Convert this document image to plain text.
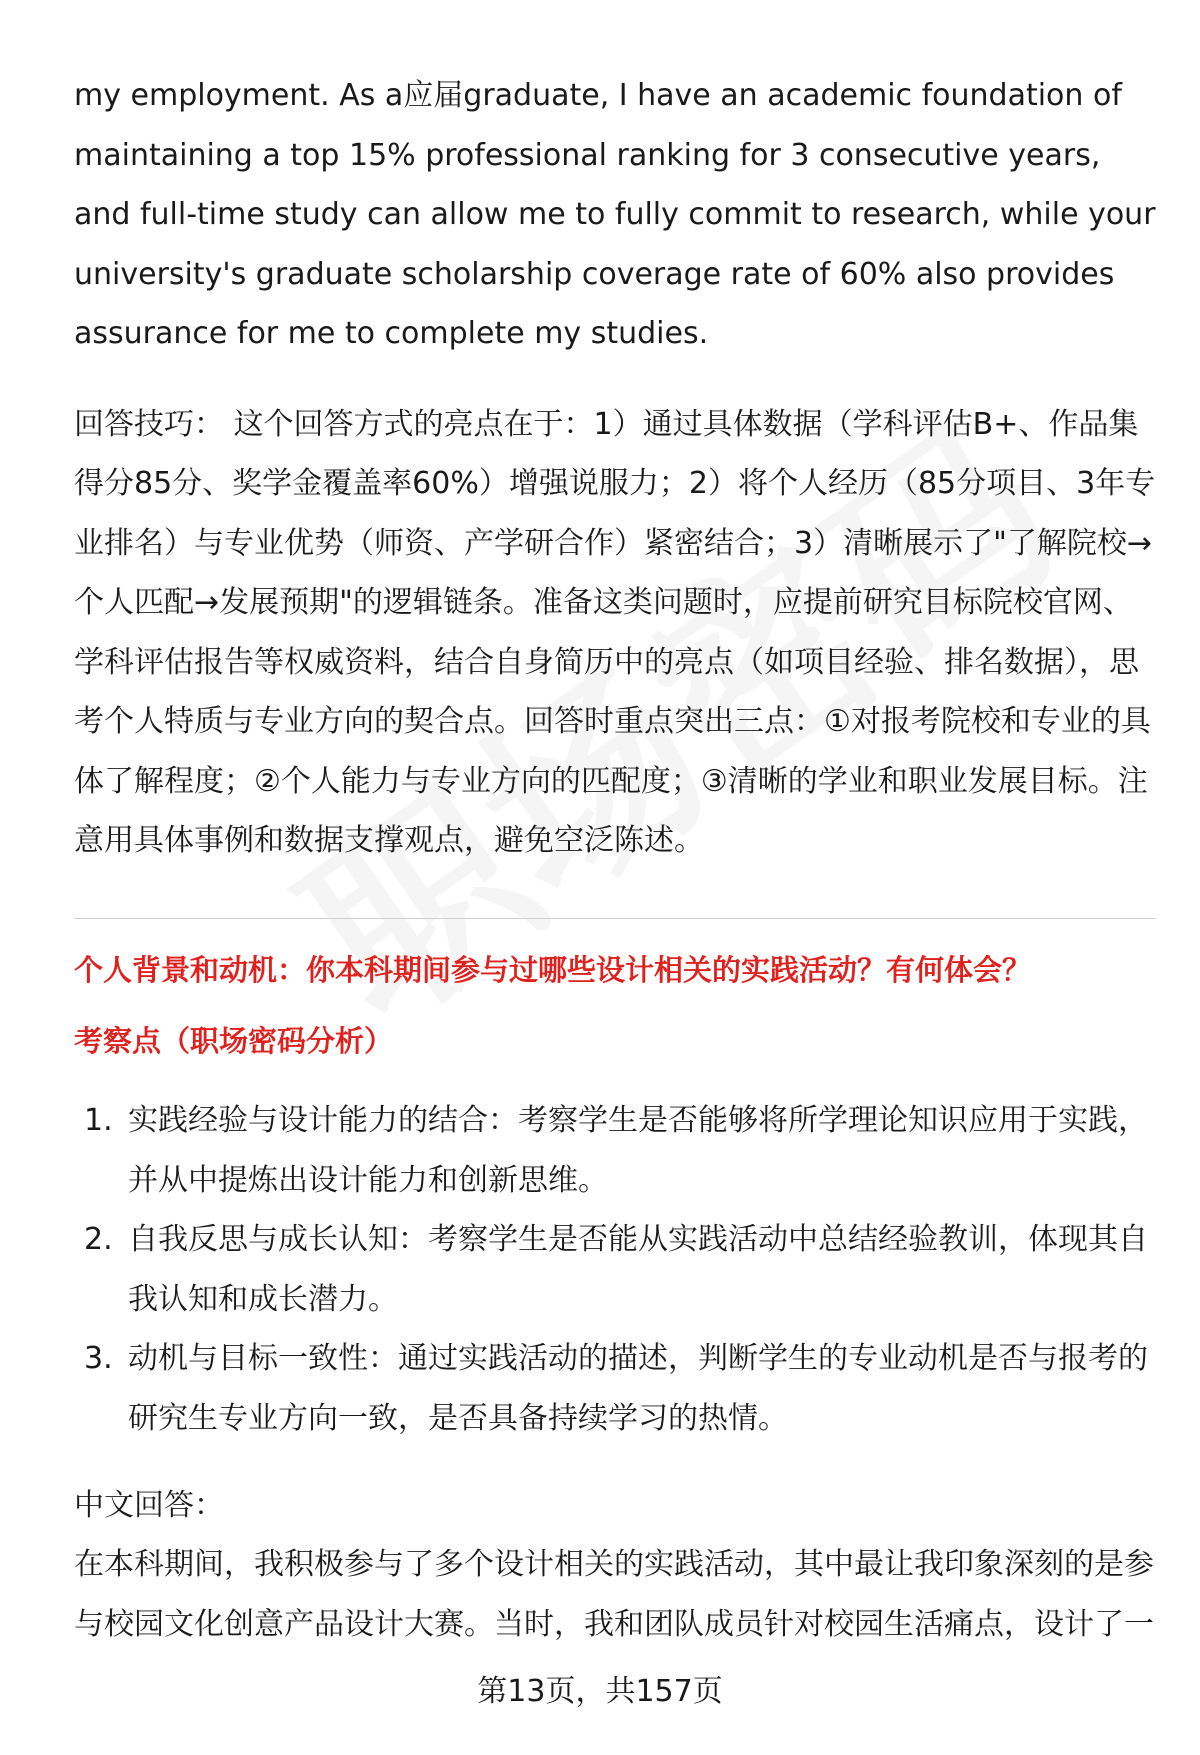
my employment. As a应届graduate, I have an academic foundation of maintaining a top 15% professional ranking for 3 consecutive years, and full-time study can allow me to fully commit to research, while your university's graduate scholarship coverage rate of 60% also provides assurance for me to complete my studies.

回答技巧： 这个回答方式的亮点在于：1）通过具体数据（学科评估B+、作品集得分85分、奖学金覆盖率60%）增强说服力；2）将个人经历（85分项目、3年专业排名）与专业优势（师资、产学研合作）紧密结合；3）清晰展示了"了解院校→个人匹配→发展预期"的逻辑链条。准备这类问题时，应提前研究目标院校官网、学科评估报告等权威资料，结合自身简历中的亮点（如项目经验、排名数据），思考个人特质与专业方向的契合点。回答时重点突出三点：①对报考院校和专业的具体了解程度；②个人能力与专业方向的匹配度；③清晰的学业和职业发展目标。注意用具体事例和数据支撑观点，避免空泛陈述。

个人背景和动机：你本科期间参与过哪些设计相关的实践活动？有何体会？
考察点（职场密码分析）
1. 实践经验与设计能力的结合：考察学生是否能够将所学理论知识应用于实践，并从中提炼出设计能力和创新思维。
2. 自我反思与成长认知：考察学生是否能从实践活动中总结经验教训，体现其自我认知和成长潜力。
3. 动机与目标一致性：通过实践活动的描述，判断学生的专业动机是否与报考的研究生专业方向一致，是否具备持续学习的热情。
中文回答：

在本科期间，我积极参与了多个设计相关的实践活动，其中最让我印象深刻的是参与校园文化创意产品设计大赛。当时，我和团队成员针对校园生活痛点，设计了一

第13页，共157页
